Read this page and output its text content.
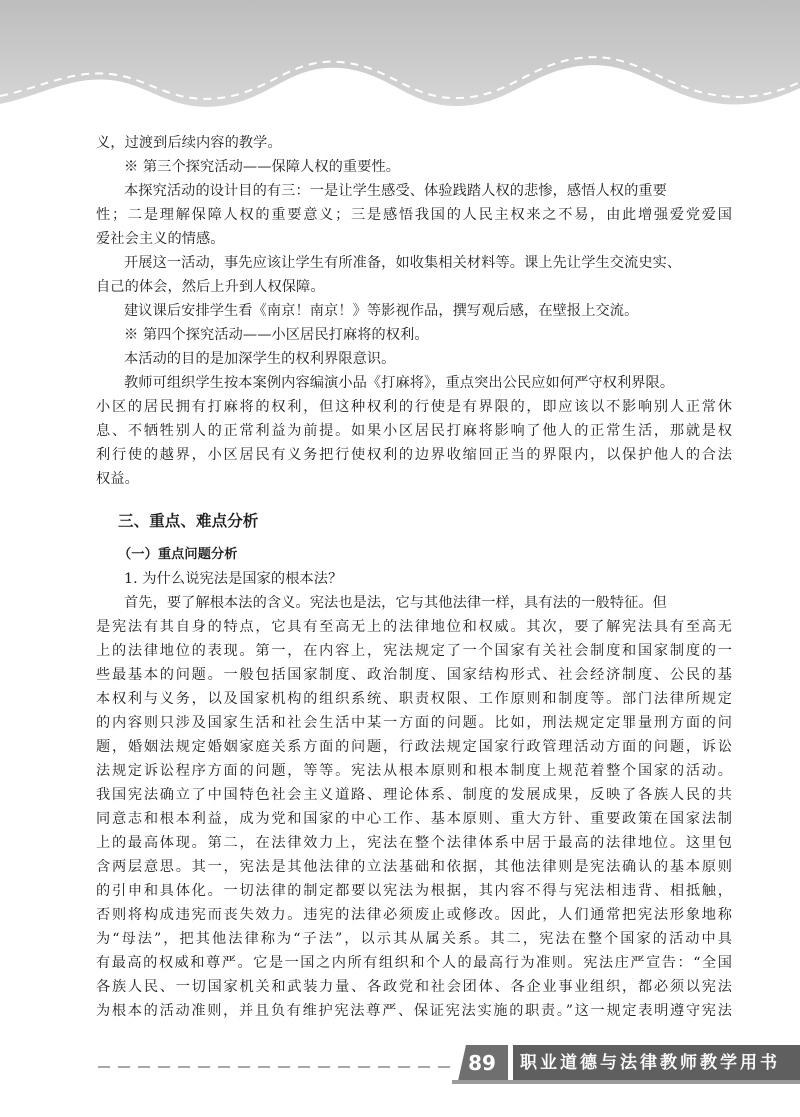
义，过渡到后续内容的教学。
※ 第三个探究活动——保障人权的重要性。
本探究活动的设计目的有三：一是让学生感受、体验践踏人权的悲惨，感悟人权的重要
性；二是理解保障人权的重要意义；三是感悟我国的人民主权来之不易，由此增强爱党爱国
爱社会主义的情感。
开展这一活动，事先应该让学生有所准备，如收集相关材料等。课上先让学生交流史实、
自己的体会，然后上升到人权保障。
建议课后安排学生看《南京！南京！》等影视作品，撰写观后感，在壁报上交流。
※ 第四个探究活动——小区居民打麻将的权利。
本活动的目的是加深学生的权利界限意识。
教师可组织学生按本案例内容编演小品《打麻将》，重点突出公民应如何严守权利界限。
小区的居民拥有打麻将的权利，但这种权利的行使是有界限的，即应该以不影响别人正常休
息、不牺牲别人的正常利益为前提。如果小区居民打麻将影响了他人的正常生活，那就是权
利行使的越界，小区居民有义务把行使权利的边界收缩回正当的界限内，以保护他人的合法
权益。
三、重点、难点分析
（一）重点问题分析
1. 为什么说宪法是国家的根本法？
首先，要了解根本法的含义。宪法也是法，它与其他法律一样，具有法的一般特征。但
是宪法有其自身的特点，它具有至高无上的法律地位和权威。其次，要了解宪法具有至高无
上的法律地位的表现。第一，在内容上，宪法规定了一个国家有关社会制度和国家制度的一
些最基本的问题。一般包括国家制度、政治制度、国家结构形式、社会经济制度、公民的基
本权利与义务，以及国家机构的组织系统、职责权限、工作原则和制度等。部门法律所规定
的内容则只涉及国家生活和社会生活中某一方面的问题。比如，刑法规定定罪量刑方面的问
题，婚姻法规定婚姻家庭关系方面的问题，行政法规定国家行政管理活动方面的问题，诉讼
法规定诉讼程序方面的问题，等等。宪法从根本原则和根本制度上规范着整个国家的活动。
我国宪法确立了中国特色社会主义道路、理论体系、制度的发展成果，反映了各族人民的共
同意志和根本利益，成为党和国家的中心工作、基本原则、重大方针、重要政策在国家法制
上的最高体现。第二，在法律效力上，宪法在整个法律体系中居于最高的法律地位。这里包
含两层意思。其一，宪法是其他法律的立法基础和依据，其他法律则是宪法确认的基本原则
的引申和具体化。一切法律的制定都要以宪法为根据，其内容不得与宪法相违背、相抵触，
否则将构成违宪而丧失效力。违宪的法律必须废止或修改。因此，人们通常把宪法形象地称
为“母法”，把其他法律称为“子法”，以示其从属关系。其二，宪法在整个国家的活动中具
有最高的权威和尊严。它是一国之内所有组织和个人的最高行为准则。宪法庄严宣告：“全国
各族人民、一切国家机关和武装力量、各政党和社会团体、各企业事业组织，都必须以宪法
为根本的活动准则，并且负有维护宪法尊严、保证宪法实施的职责。”这一规定表明遵守宪法
89	职业道德与法律教师教学用书
